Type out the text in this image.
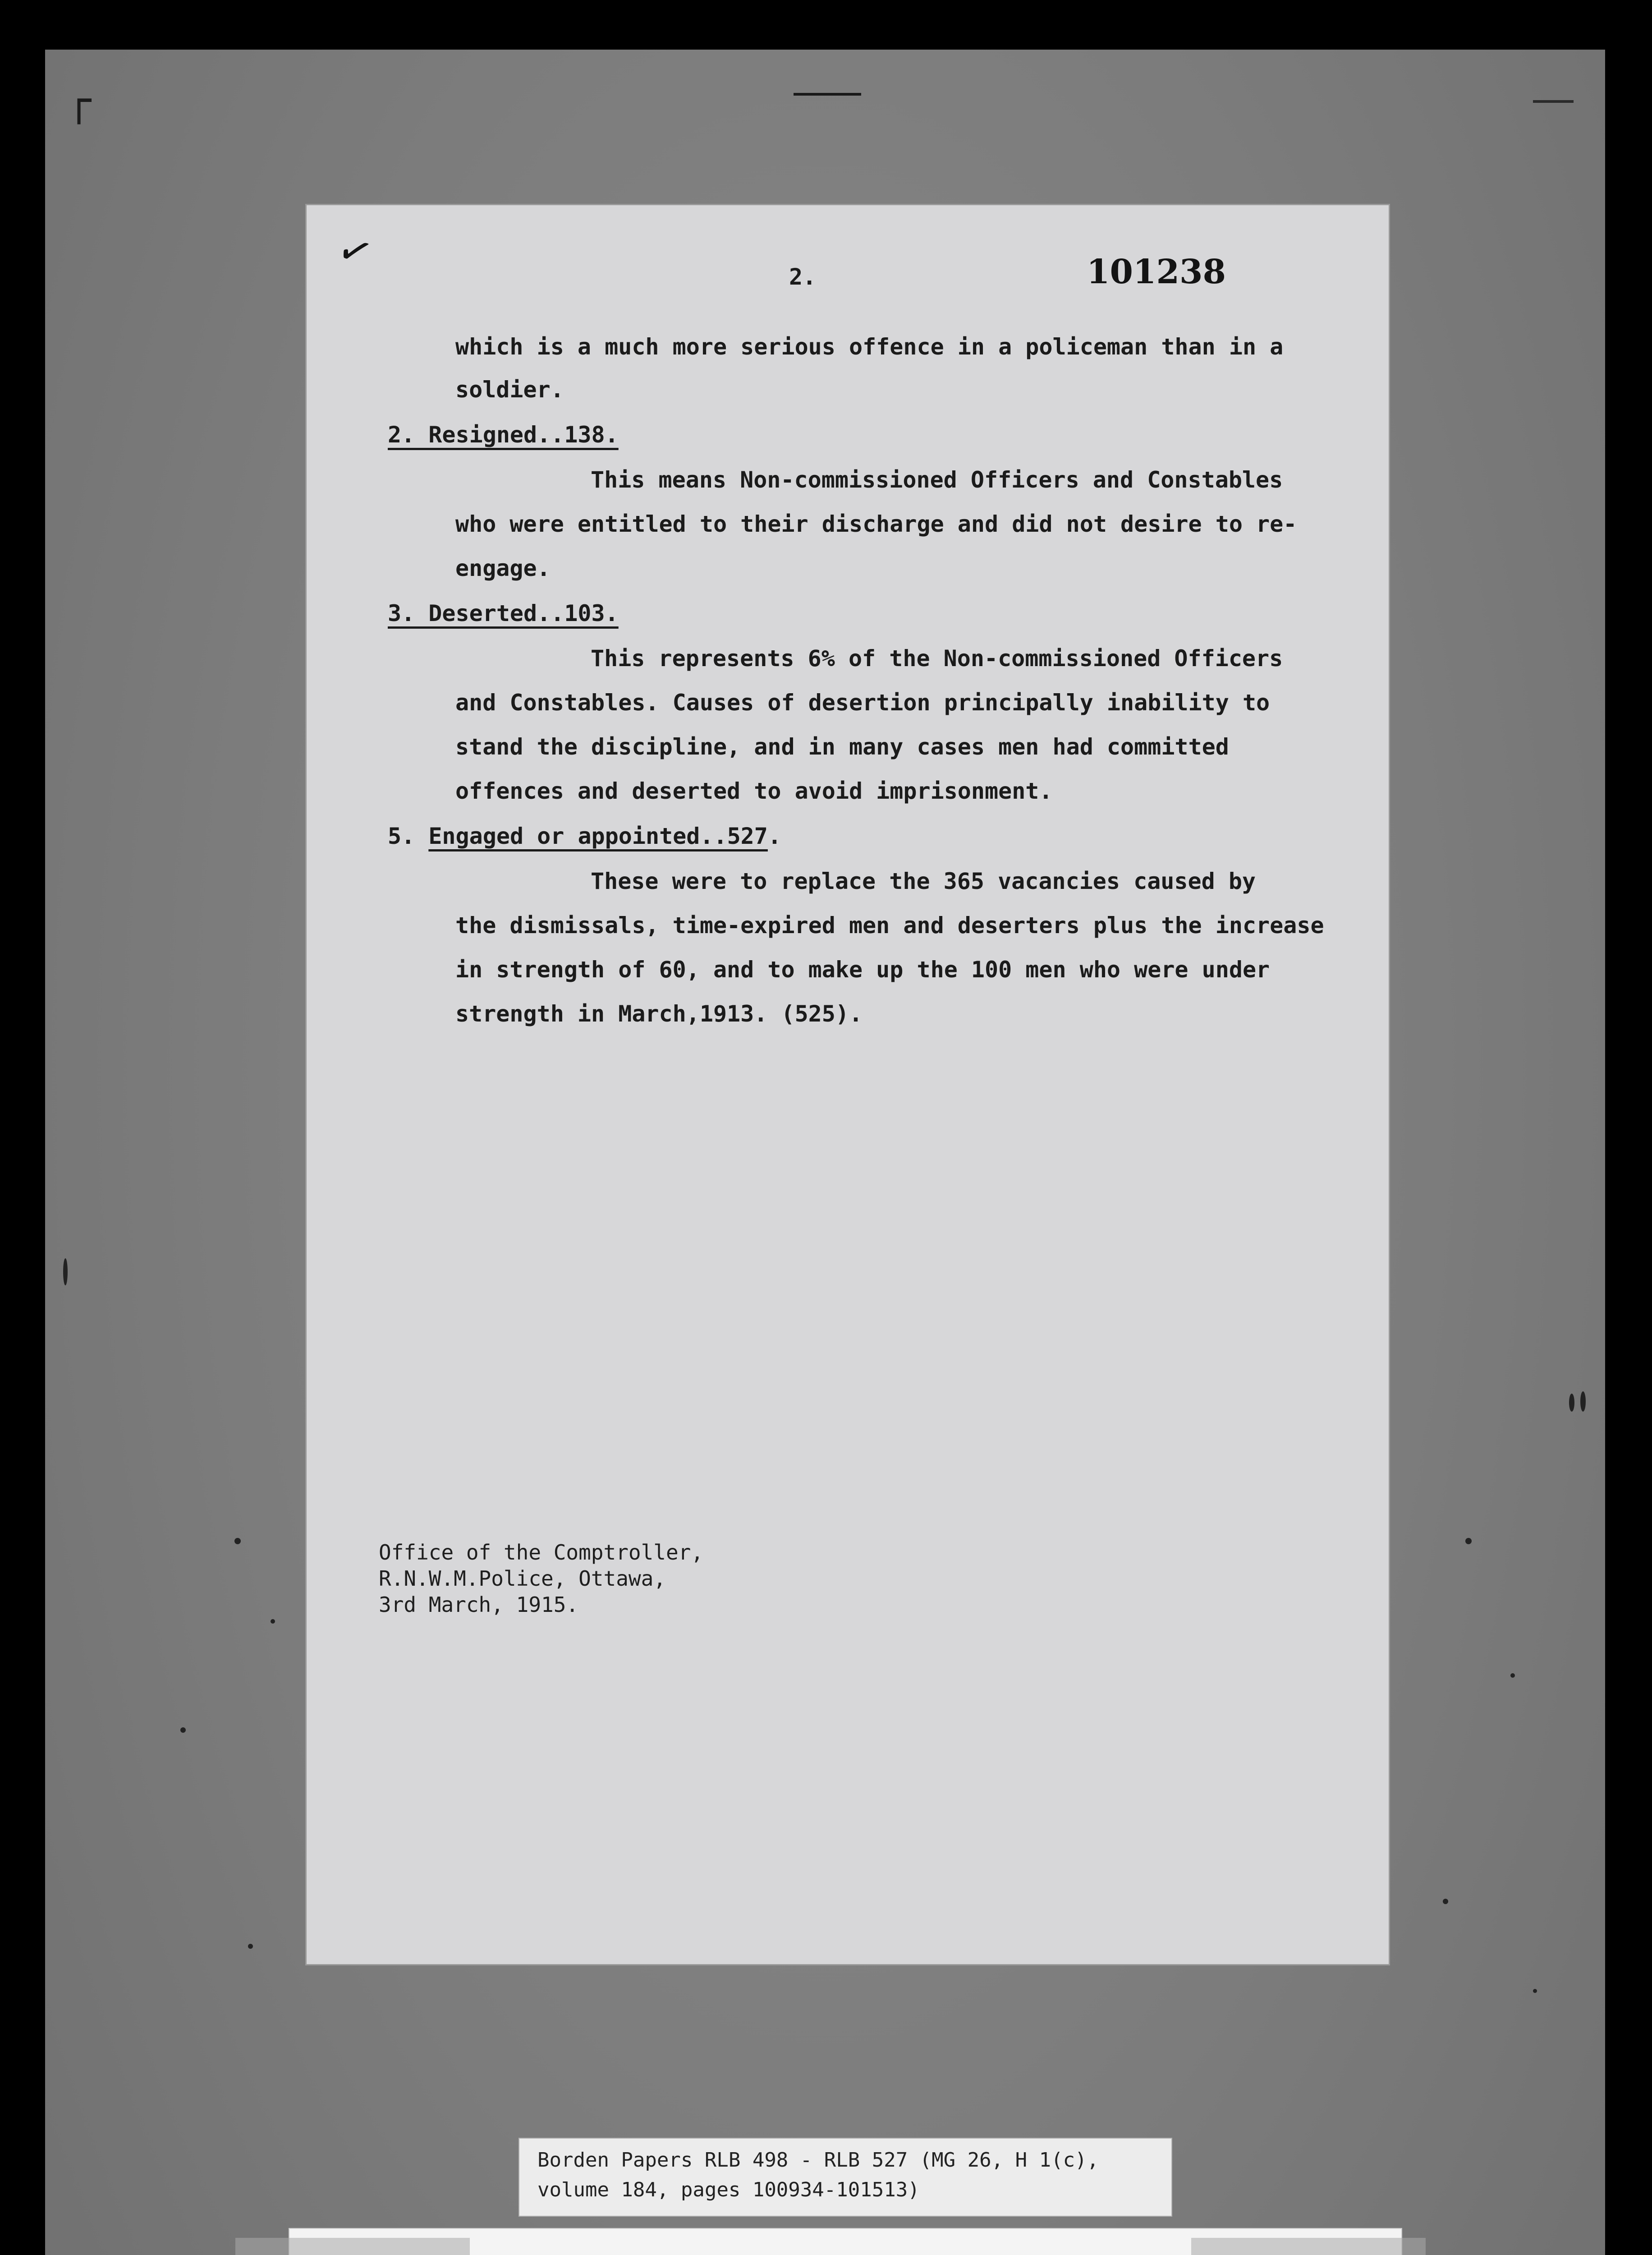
┌
✓	2.	101238
which is a much more serious offence in a policeman than in a
soldier.
2. Resigned..138.
This means Non-commissioned Officers and Constables
who were entitled to their discharge and did not desire to re-
engage.
3. Deserted..103.
This represents 6% of the Non-commissioned Officers
and Constables. Causes of desertion principally inability to
stand the discipline, and in many cases men had committed
offences and deserted to avoid imprisonment.
5. Engaged or appointed..527.
These were to replace the 365 vacancies caused by
the dismissals, time-expired men and deserters plus the increase
in strength of 60, and to make up the 100 men who were under
strength in March,1913. (525).
Office of the Comptroller,
R.N.W.M.Police, Ottawa,
3rd March, 1915.
Borden Papers RLB 498 - RLB 527 (MG 26, H 1(c),
volume 184, pages 100934-101513)
